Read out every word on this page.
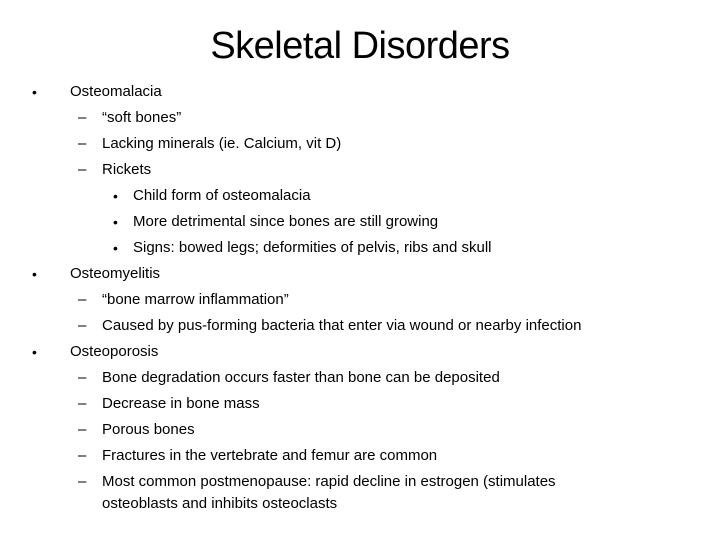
Skeletal Disorders
• Osteomalacia
– “soft bones”
– Lacking minerals (ie. Calcium, vit D)
– Rickets
• Child form of osteomalacia
• More detrimental since bones are still growing
• Signs: bowed legs; deformities of pelvis, ribs and skull
• Osteomyelitis
– “bone marrow inflammation”
– Caused by pus-forming bacteria that enter via wound or nearby infection
• Osteoporosis
– Bone degradation occurs faster than bone can be deposited
– Decrease in bone mass
– Porous bones
– Fractures in the vertebrate and femur are common
– Most common postmenopause: rapid decline in estrogen (stimulates
osteoblasts and inhibits osteoclasts
